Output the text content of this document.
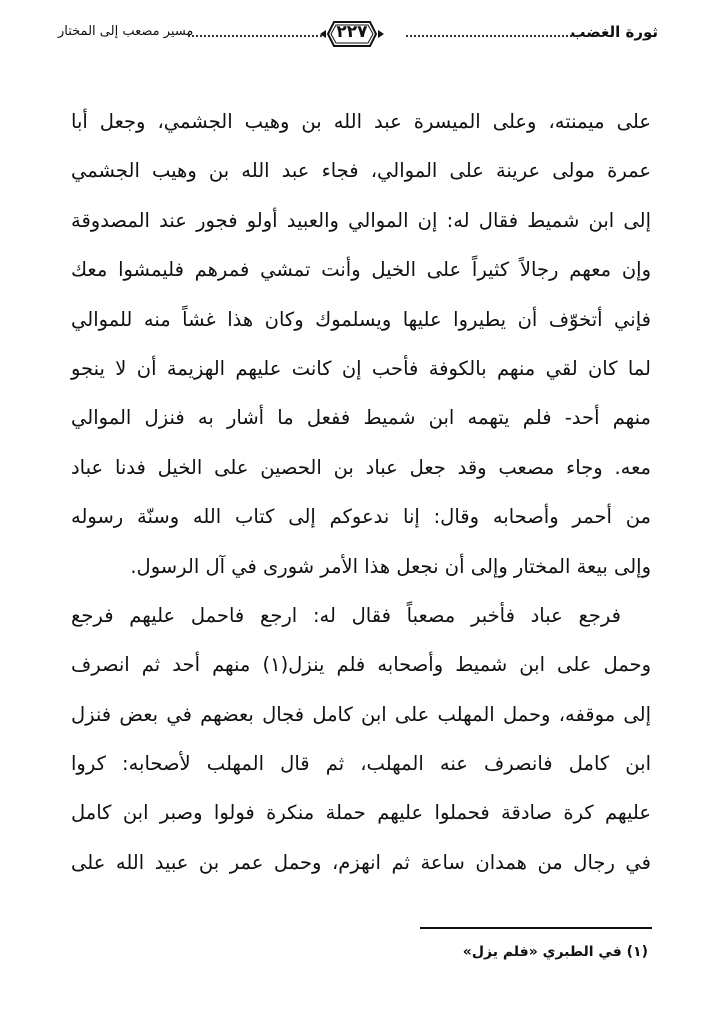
ثورة الغضب
مسير مصعب إلى المختار	٢٢٧
على ميمنته، وعلى الميسرة عبد الله بن وهيب الجشمي، وجعل أبا
عمرة مولى عرينة على الموالي، فجاء عبد الله بن وهيب الجشمي
إلى ابن شميط فقال له: إن الموالي والعبيد أولو فجور عند المصدوقة
وإن معهم رجالاً كثيراً على الخيل وأنت تمشي فمرهم فليمشوا معك
فإني أتخوّف أن يطيروا عليها ويسلموك وكان هذا غشاً منه للموالي
لما كان لقي منهم بالكوفة فأحب إن كانت عليهم الهزيمة أن لا ينجو
منهم أحد- فلم يتهمه ابن شميط ففعل ما أشار به فنزل الموالي
معه. وجاء مصعب وقد جعل عباد بن الحصين على الخيل فدنا عباد
من أحمر وأصحابه وقال: إنا ندعوكم إلى كتاب الله وسنّة رسوله
وإلى بيعة المختار وإلى أن نجعل هذا الأمر شورى في آل الرسول.
فرجع عباد فأخبر مصعباً فقال له: ارجع فاحمل عليهم فرجع
وحمل على ابن شميط وأصحابه فلم ينزل(١) منهم أحد ثم انصرف
إلى موقفه، وحمل المهلب على ابن كامل فجال بعضهم في بعض فنزل
ابن كامل فانصرف عنه المهلب، ثم قال المهلب لأصحابه: كروا
عليهم كرة صادقة فحملوا عليهم حملة منكرة فولوا وصبر ابن كامل
في رجال من همدان ساعة ثم انهزم، وحمل عمر بن عبيد الله على
(١) في الطبري «فلم يزل»
